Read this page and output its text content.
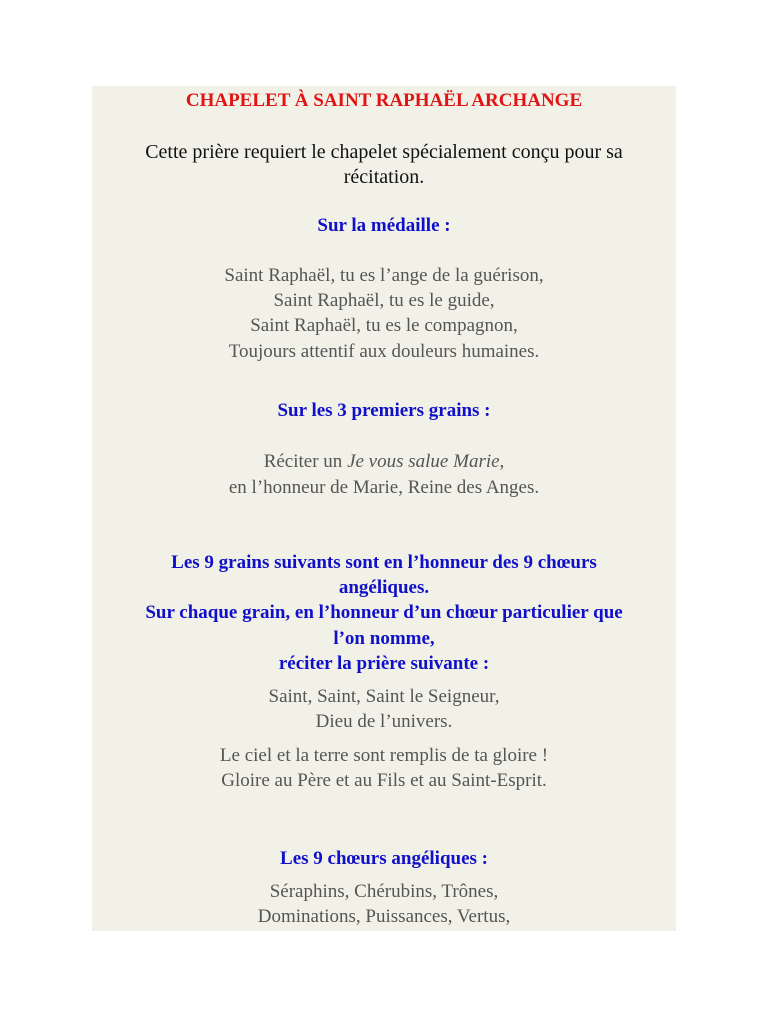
CHAPELET À SAINT RAPHAËL ARCHANGE
Cette prière requiert le chapelet spécialement conçu pour sa
récitation.
Sur la médaille :
Saint Raphaël, tu es l’ange de la guérison,
Saint Raphaël, tu es le guide,
Saint Raphaël, tu es le compagnon,
Toujours attentif aux douleurs humaines.
Sur les 3 premiers grains :
Réciter un Je vous salue Marie,
en l’honneur de Marie, Reine des Anges.
Les 9 grains suivants sont en l’honneur des 9 chœurs
angéliques.
Sur chaque grain, en l’honneur d’un chœur particulier que
l’on nomme,
réciter la prière suivante :
Saint, Saint, Saint le Seigneur,
Dieu de l’univers.
Le ciel et la terre sont remplis de ta gloire !
Gloire au Père et au Fils et au Saint-Esprit.
Les 9 chœurs angéliques :
Séraphins, Chérubins, Trônes,
Dominations, Puissances, Vertus,
